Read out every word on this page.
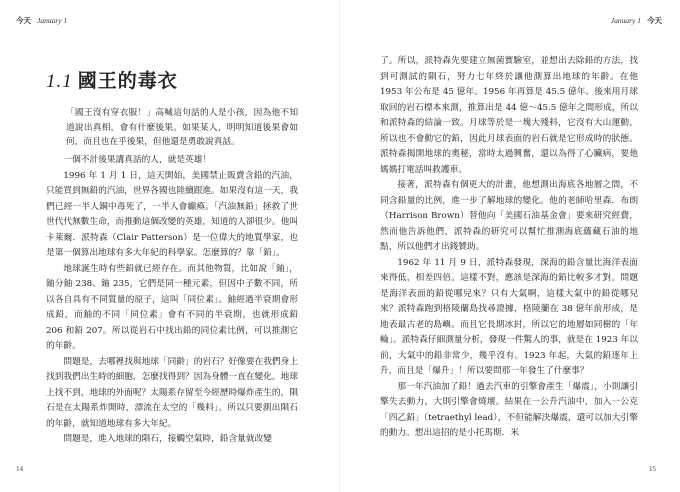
今天 January 1
1.1 國王的毒衣
「國王沒有穿衣服！」高喊這句話的人是小孩，因為他不知道說出真相，會有什麼後果。如果某人，明明知道後果會如何，而且也在乎後果，但他還是勇敢說真話。

一個不計後果講真話的人，就是英雄！

1996 年 1 月 1 日，這天開始，美國禁止販賣含鉛的汽油，只能買到無鉛的汽油，世界各國也陸續跟進。如果沒有這一天，我們已經一半人銅中毒死了，一半人會癲瘓。「汽油無鉛」拯救了世世代代無數生命，而推動這個改變的英雄，知道的人卻很少。他叫卡萊爾．派特森（Clair Patterson）是一位偉大的地質學家，也是第一個算出地球有多大年紀的科學家。怎麼算的？靠「鉛」。

地球誕生時有些鉛就已經存在。而其他物質，比如說「鈾」，鈾分鈾 238、鈾 235，它們是同一種元素，但因中子數不同，所以各自具有不同質量的原子，這叫「同位素」。鈾經過半衰期會形成鉛，而鈾的不同「同位素」會有不同的半衰期，也就形成鉛 206 和鉛 207。所以從岩石中找出鉛的同位素比例，可以推測它的年齡。

問題是，去哪裡找與地球「同齡」的岩石？好像要在我們身上找到我們出生時的細胞，怎麼找得到？因為身體一直在變化。地球上找不到，地球的外面呢？太陽系存留至今經歷時爆炸產生的，隕石是在太陽系炸開時，漂流在太空的「幾料」。所以只要測出隕石的年齡，就知道地球有多大年紀。

問題是，進入地球的隕石，接觸空氣時，鉛含量就改變

14
January 1 今天

了。所以，派特森先要建立無菌實驗室，並想出去除鉛的方法，找到可測試的隕石，努力七年終於讓他測算出地球的年齡。在他 1953 年公布是 45 億年。1956 年再算是 45.5 億年。後來用月球取回的岩石標本來測，推算出是 44 億～45.5 億年之間形成，所以和派特森的結論一致。月球等於是一塊大殘料，它沒有大山運動，所以也不會動它的鉛，因此月球表面的岩石就是它形成時的狀態。派特森揭開地球的奧秘，當時太過興奮，還以為得了心臟病，要他媽媽打電話叫救護車。

接著，派特森有個更大的計畫，他想測出海底各地層之間，不同含鉛量的比例，進一步了解地球的變化。他的老師哈里森．布朗（Harrison Brown）替他向「美國石油基金會」要來研究經費，然而他告訴他們，派特森的研究可以幫忙推測海底蘊藏石油的地點，所以他們才出錢贊助。

1962 年 11 月 9 日，派特森發現，深海的鉛含量比海洋表面來得低，相差四倍。這樣不對，應該是深海的鉛比較多才對。問題是海洋表面的鉛從哪兒來？只有大氣啊，這樣大氣中的鉛從哪兒來？派特森跑到格陵蘭島找尋證據，格陵蘭在 38 億年前形成，是地表最古老的島嶼。而且它長期冰封，所以它的地層如同樹的「年輪」。派特森仔細測量分析，發現一件驚人的事，就是在 1923 年以前，大氣中的鉛非常少，幾乎沒有。1923 年起，大氣的鉛逐年上升，而且是「爆升」！所以要問那一年發生了什麼事？

那一年汽油加了鉛！過去汽車的引擎會產生「爆震」，小則讓引擎失去動力，大則引擎會燒壞。結果在一公升汽油中，加入一公克「四乙鉛」（tetraethyl lead），不但能解決爆震，還可以加大引擎的動力。想出這招的是小托馬斯．米

15
